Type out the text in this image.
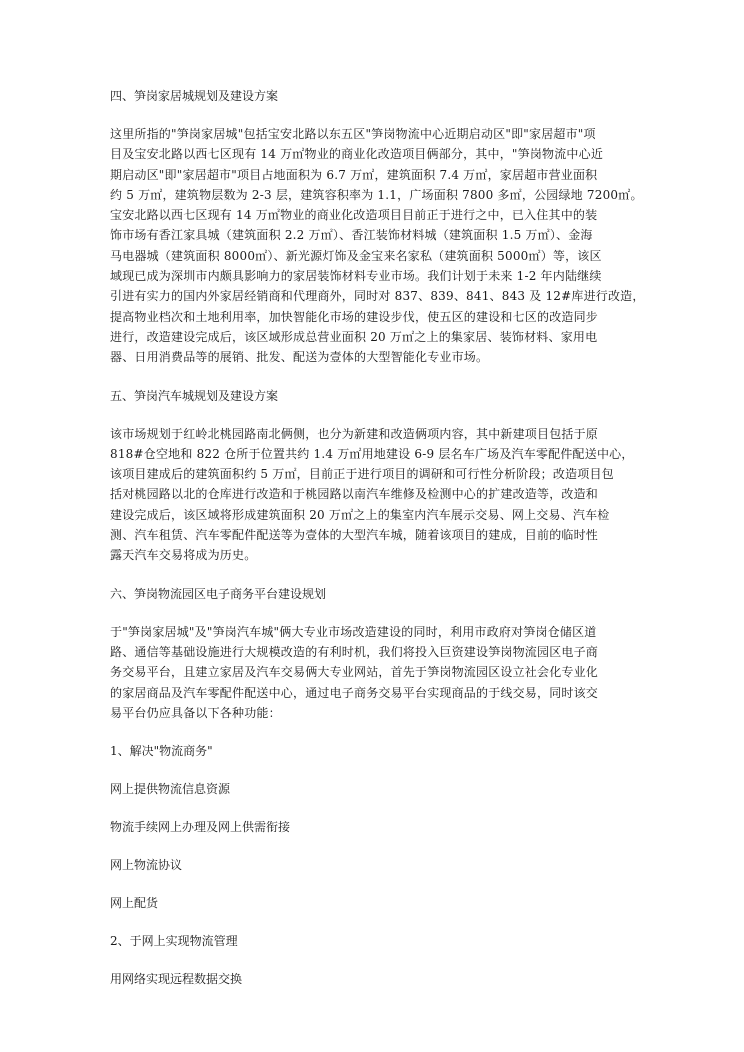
四、笋岗家居城规划及建设方案

这里所指的"笋岗家居城"包括宝安北路以东五区"笋岗物流中心近期启动区"即"家居超市"项

目及宝安北路以西七区现有 14 万㎡物业的商业化改造项目俩部分，其中，"笋岗物流中心近

期启动区"即"家居超市"项目占地面积为 6.7 万㎡，建筑面积 7.4 万㎡，家居超市营业面积

约 5 万㎡，建筑物层数为 2-3 层，建筑容积率为 1.1，广场面积 7800 多㎡，公园绿地 7200㎡。

宝安北路以西七区现有 14 万㎡物业的商业化改造项目目前正于进行之中，已入住其中的装

饰市场有香江家具城（建筑面积 2.2 万㎡）、香江装饰材料城（建筑面积 1.5 万㎡）、金海

马电器城（建筑面积 8000㎡）、新光源灯饰及金宝来名家私（建筑面积 5000㎡）等，该区

域现已成为深圳市内颇具影响力的家居装饰材料专业市场。我们计划于未来 1-2 年内陆继续

引进有实力的国内外家居经销商和代理商外，同时对 837、839、841、843 及 12#库进行改造，

提高物业档次和土地利用率，加快智能化市场的建设步伐，使五区的建设和七区的改造同步

进行，改造建设完成后，该区域形成总营业面积 20 万㎡之上的集家居、装饰材料、家用电

器、日用消费品等的展销、批发、配送为壹体的大型智能化专业市场。

五、笋岗汽车城规划及建设方案

该市场规划于红岭北桃园路南北俩侧，也分为新建和改造俩项内容，其中新建项目包括于原

818#仓空地和 822 仓所于位置共约 1.4 万㎡用地建设 6-9 层名车广场及汽车零配件配送中心，

该项目建成后的建筑面积约 5 万㎡，目前正于进行项目的调研和可行性分析阶段；改造项目包

括对桃园路以北的仓库进行改造和于桃园路以南汽车维修及检测中心的扩建改造等，改造和

建设完成后，该区域将形成建筑面积 20 万㎡之上的集室内汽车展示交易、网上交易、汽车检

测、汽车租赁、汽车零配件配送等为壹体的大型汽车城，随着该项目的建成，目前的临时性

露天汽车交易将成为历史。

六、笋岗物流园区电子商务平台建设规划

于"笋岗家居城"及"笋岗汽车城"俩大专业市场改造建设的同时，利用市政府对笋岗仓储区道

路、通信等基础设施进行大规模改造的有利时机，我们将投入巨资建设笋岗物流园区电子商

务交易平台，且建立家居及汽车交易俩大专业网站，首先于笋岗物流园区设立社会化专业化

的家居商品及汽车零配件配送中心，通过电子商务交易平台实现商品的于线交易，同时该交

易平台仍应具备以下各种功能：

1、解决"物流商务"
网上提供物流信息资源
物流手续网上办理及网上供需衔接
网上物流协议
网上配货
2、于网上实现物流管理
用网络实现远程数据交换
